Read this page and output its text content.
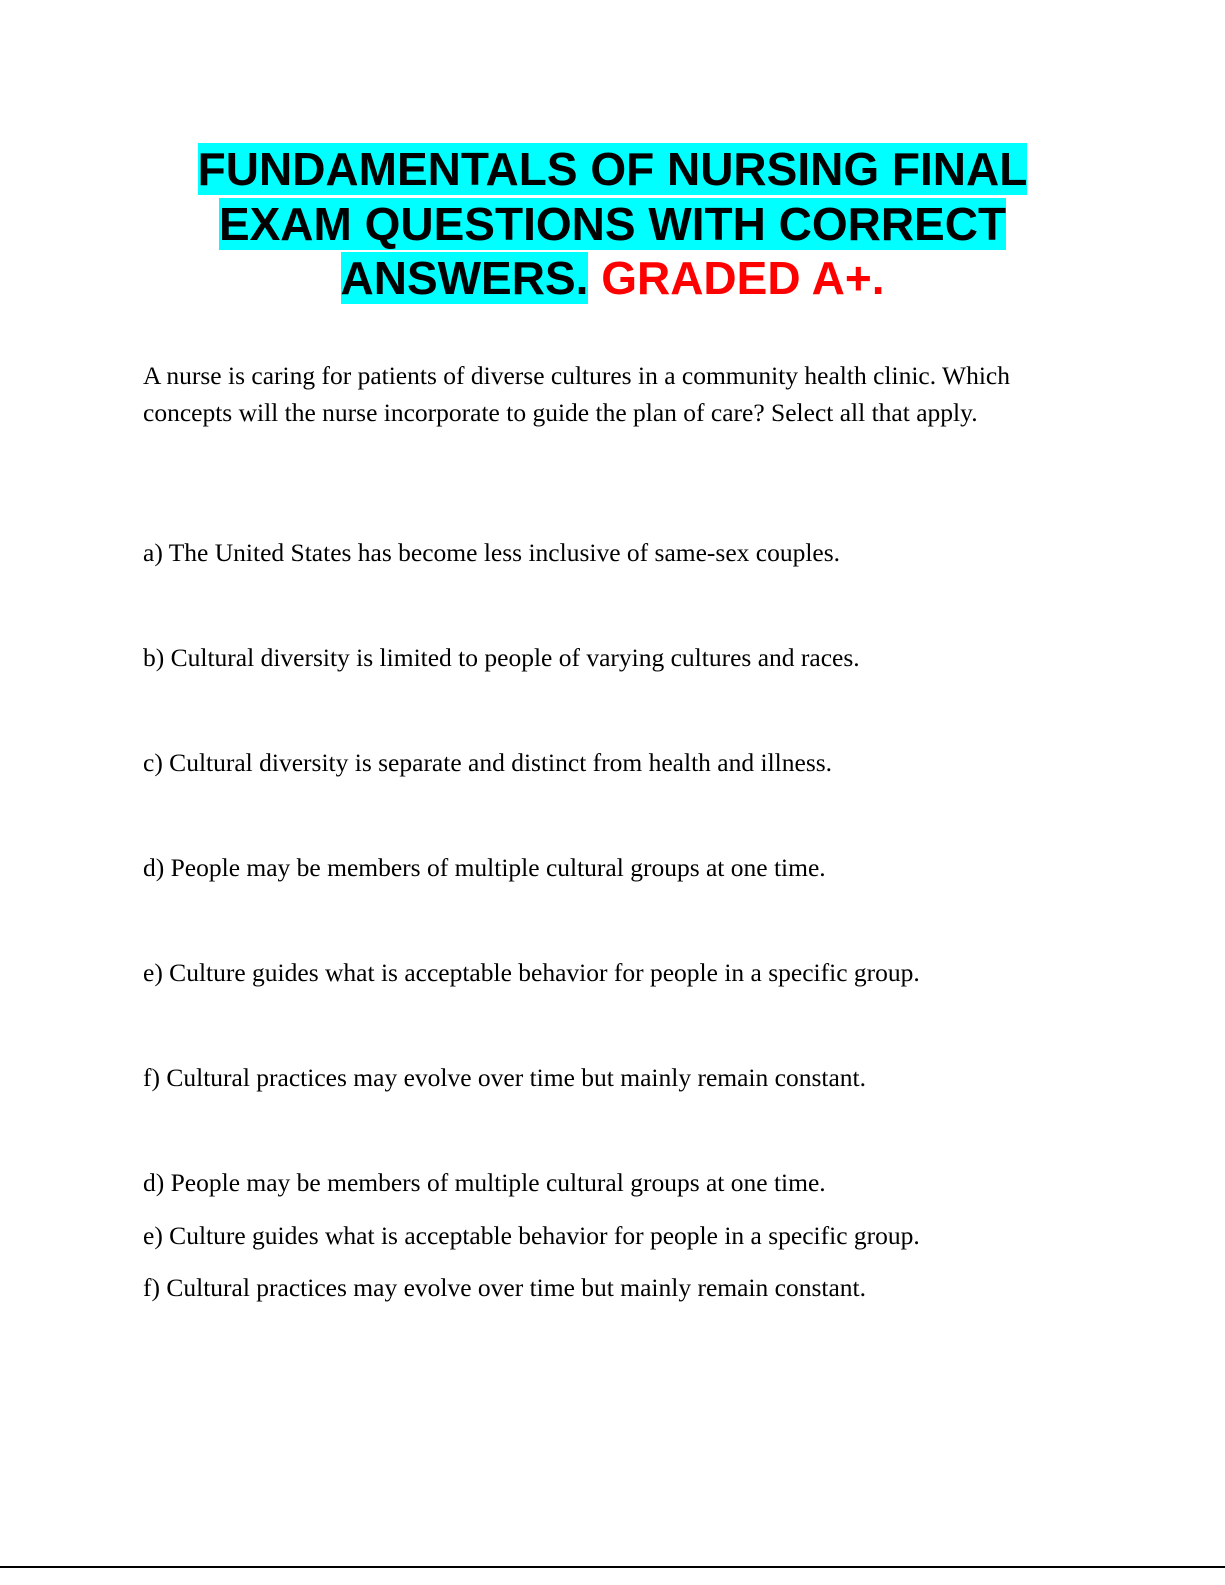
FUNDAMENTALS OF NURSING FINAL
EXAM QUESTIONS WITH CORRECT
ANSWERS. GRADED A+.
A nurse is caring for patients of diverse cultures in a community health clinic. Which concepts will the nurse incorporate to guide the plan of care? Select all that apply.
a) The United States has become less inclusive of same-sex couples.
b) Cultural diversity is limited to people of varying cultures and races.
c) Cultural diversity is separate and distinct from health and illness.
d) People may be members of multiple cultural groups at one time.
e) Culture guides what is acceptable behavior for people in a specific group.
f) Cultural practices may evolve over time but mainly remain constant.
d) People may be members of multiple cultural groups at one time.
e) Culture guides what is acceptable behavior for people in a specific group.
f) Cultural practices may evolve over time but mainly remain constant.
